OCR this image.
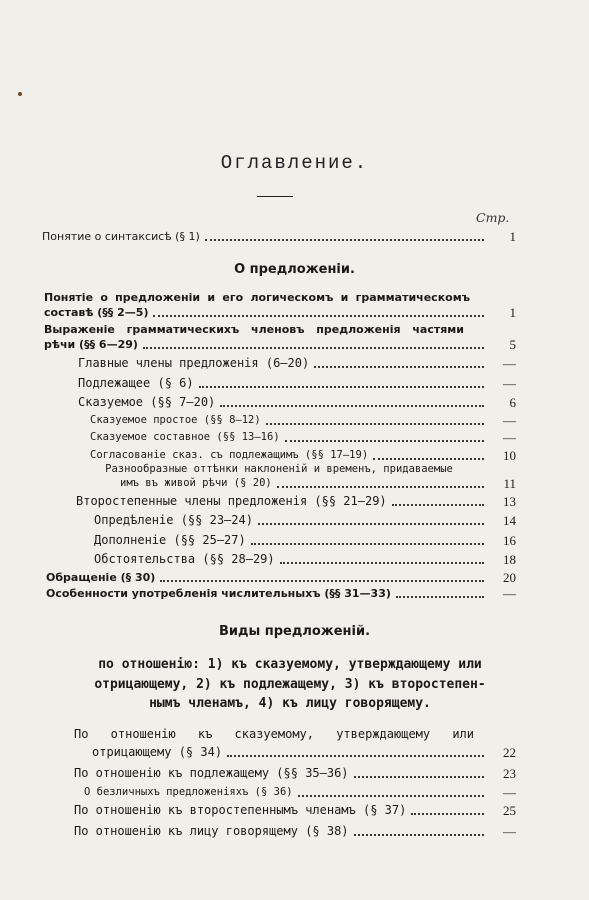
Оглавление.
Стр.
Понятие о синтаксисѣ (§ 1)	1
О предложеніи.
Понятіе о предложеніи и его логическомъ и грамматическомъ
составѣ (§§ 2—5)	1
Выраженіе грамматическихъ членовъ предложенія частями
рѣчи (§§ 6—29)	5
Главные члены предложенія (6—20)	—
Подлежащее (§ 6)	—
Сказуемое (§§ 7—20)	6
Сказуемое простое (§§ 8—12)	—
Сказуемое составное (§§ 13—16)	—
Согласованіе сказ. съ подлежащимъ (§§ 17—19)	10
Разнообразные оттѣнки наклоненій и временъ, придаваемые
имъ въ живой рѣчи (§ 20)	11
Второстепенные члены предложенія (§§ 21—29)	13
Опредѣленіе (§§ 23—24)	14
Дополненіе (§§ 25—27)	16
Обстоятельства (§§ 28—29)	18
Обращеніе (§ 30)	20
Особенности употребленія числительныхъ (§§ 31—33)	—
Виды предложеній.
по отношенію: 1) къ сказуемому, утверждающему или
отрицающему, 2) къ подлежащему, 3) къ второстепен-
нымъ членамъ, 4) къ лицу говорящему.
По отношенію къ сказуемому, утверждающему или
отрицающему (§ 34)	22
По отношенію къ подлежащему (§§ 35—36)	23
О безличныхъ предложеніяхъ (§ 36)	—
По отношенію къ второстепеннымъ членамъ (§ 37)	25
По отношенію къ лицу говорящему (§ 38)	—
